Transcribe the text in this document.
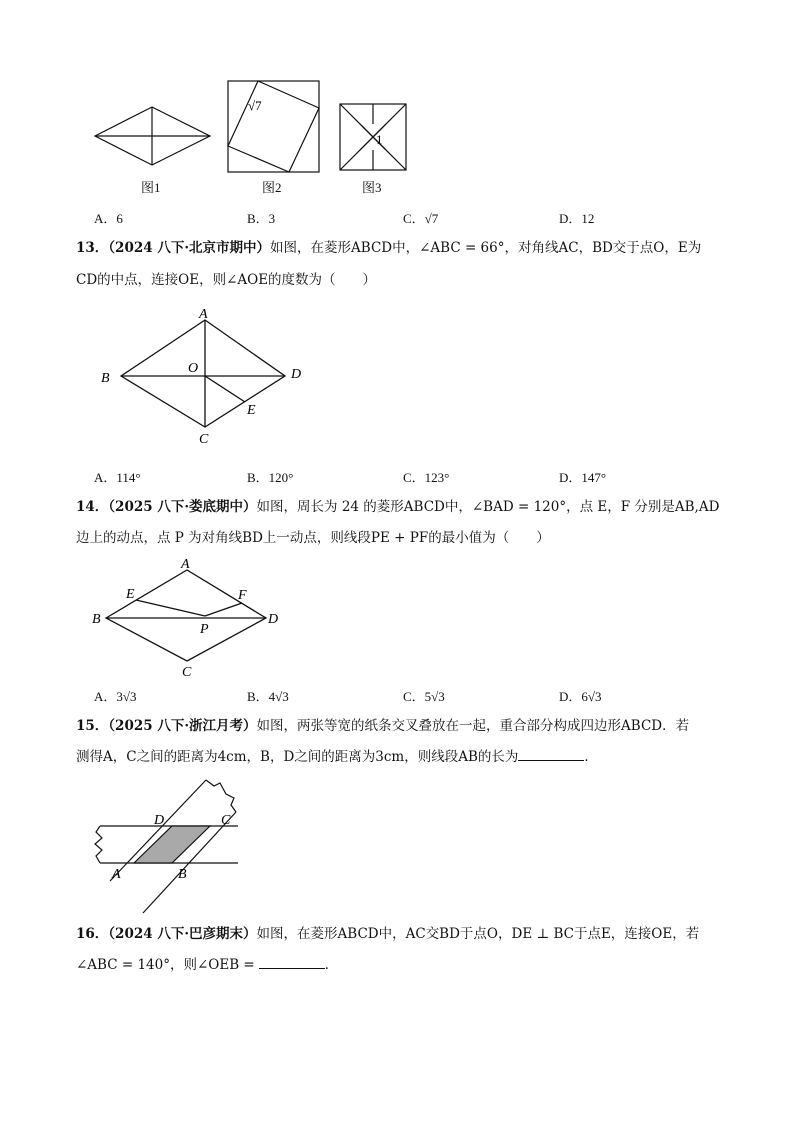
√7
1
图1	图2	图3
A．6	B．3	C．√7	D．12
13．（2024 八下·北京市期中）如图，在菱形ABCD中，∠ABC = 66°，对角线AC，BD交于点O，E为
CD的中点，连接OE，则∠AOE的度数为（　　）
A
B
C
D
O
E
A．114°	B．120°	C．123°	D．147°
14．（2025 八下·娄底期中）如图，周长为 24 的菱形ABCD中，∠BAD = 120°，点 E，F 分别是AB,AD
边上的动点，点 P 为对角线BD上一动点，则线段PE + PF的最小值为（　　）
A
B
C
D
E	F
P
A．3√3	B．4√3	C．5√3	D．6√3
15．（2025 八下·浙江月考）如图，两张等宽的纸条交叉叠放在一起，重合部分构成四边形ABCD．若
测得A，C之间的距离为4cm，B，D之间的距离为3cm，则线段AB的长为	．
A	B
C
D
16．（2024 八下·巴彦期末）如图，在菱形ABCD中，AC交BD于点O，DE ⊥ BC于点E，连接OE，若
∠ABC = 140°，则∠OEB =	．
